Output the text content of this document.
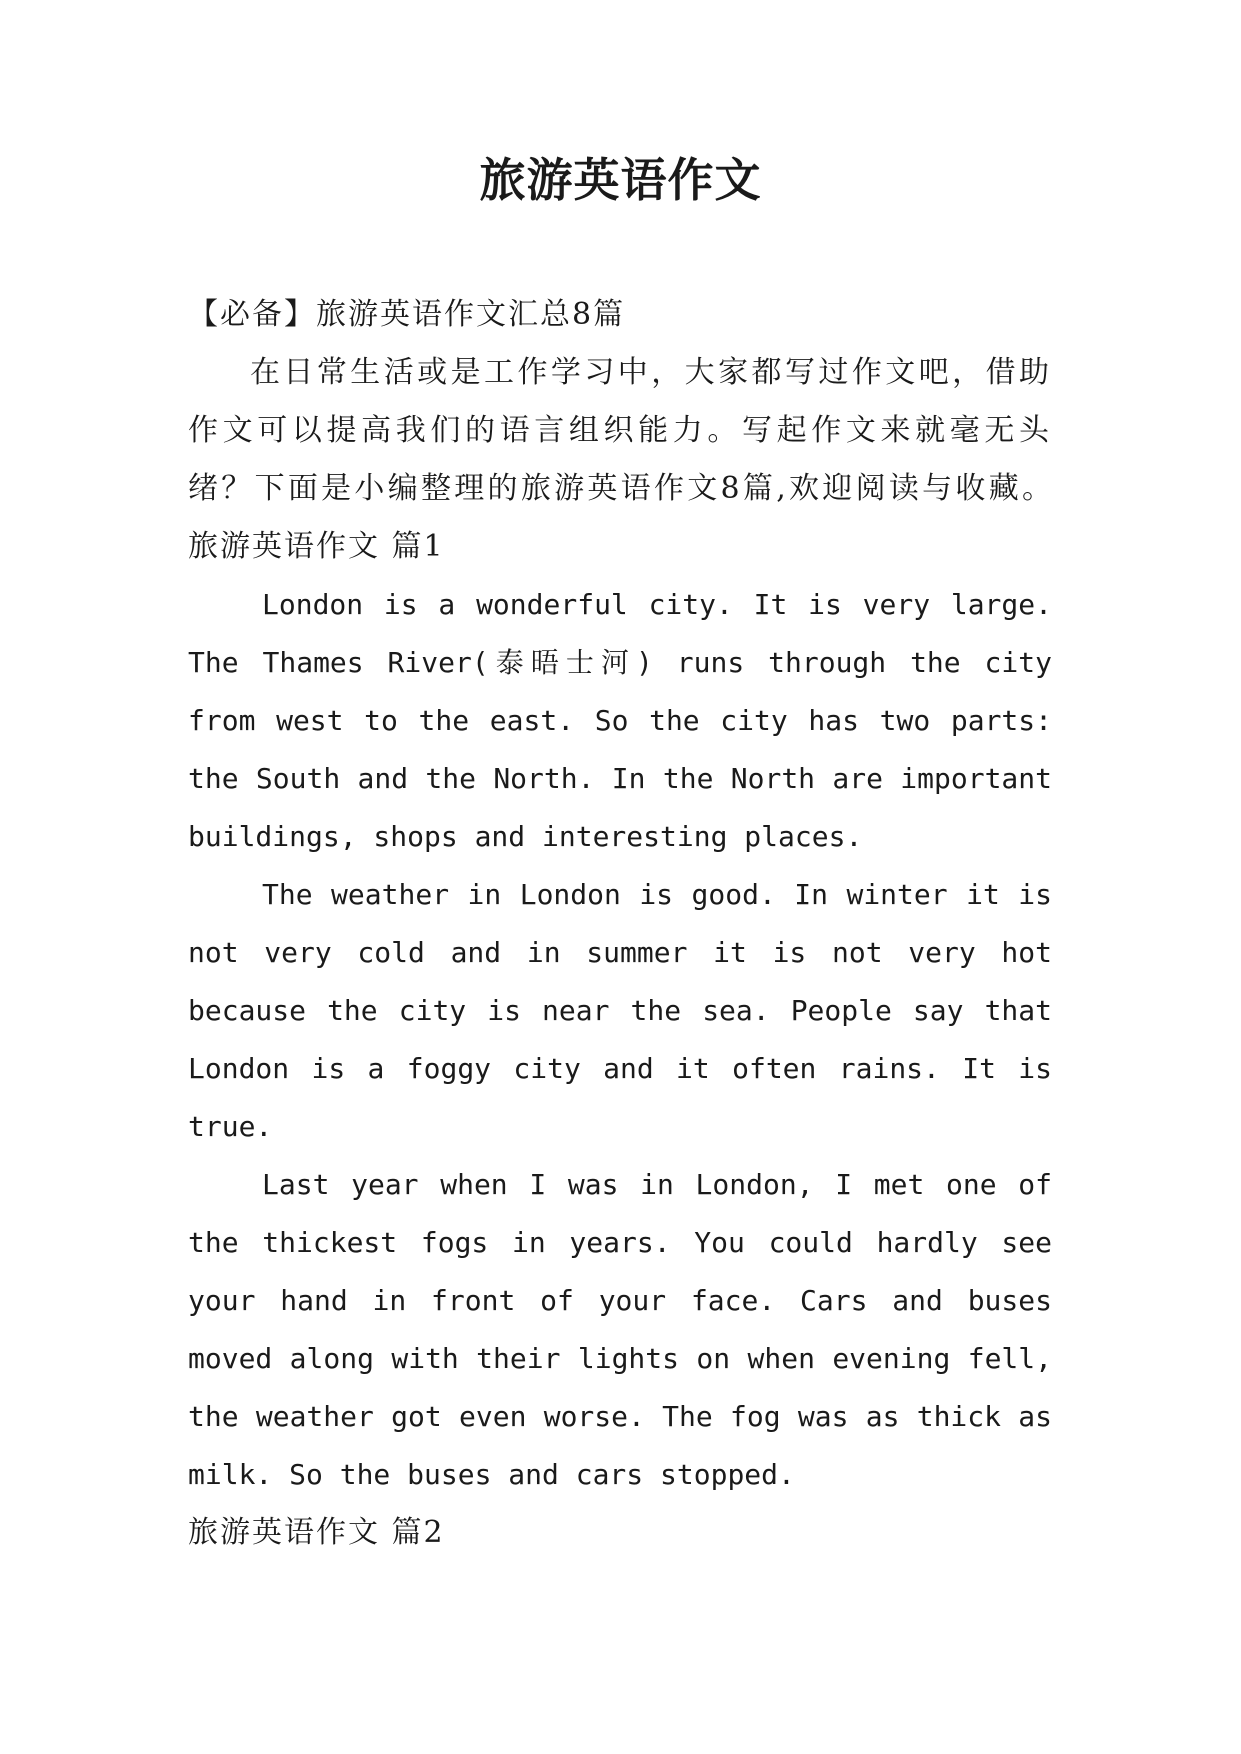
旅游英语作文
【必备】旅游英语作文汇总8篇
在日常生活或是工作学习中，大家都写过作文吧，借助
作文可以提高我们的语言组织能力。写起作文来就毫无头
绪？下面是小编整理的旅游英语作文8篇,欢迎阅读与收藏。
旅游英语作文 篇1
London is a wonderful city. It is very large.
The Thames River(泰晤士河) runs through the city
from west to the east. So the city has two parts:
the South and the North. In the North are important
buildings, shops and interesting places.
The weather in London is good. In winter it is
not very cold and in summer it is not very hot
because the city is near the sea. People say that
London is a foggy city and it often rains. It is
true.
Last year when I was in London, I met one of
the thickest fogs in years. You could hardly see
your hand in front of your face. Cars and buses
moved along with their lights on when evening fell,
the weather got even worse. The fog was as thick as
milk. So the buses and cars stopped.
旅游英语作文 篇2
